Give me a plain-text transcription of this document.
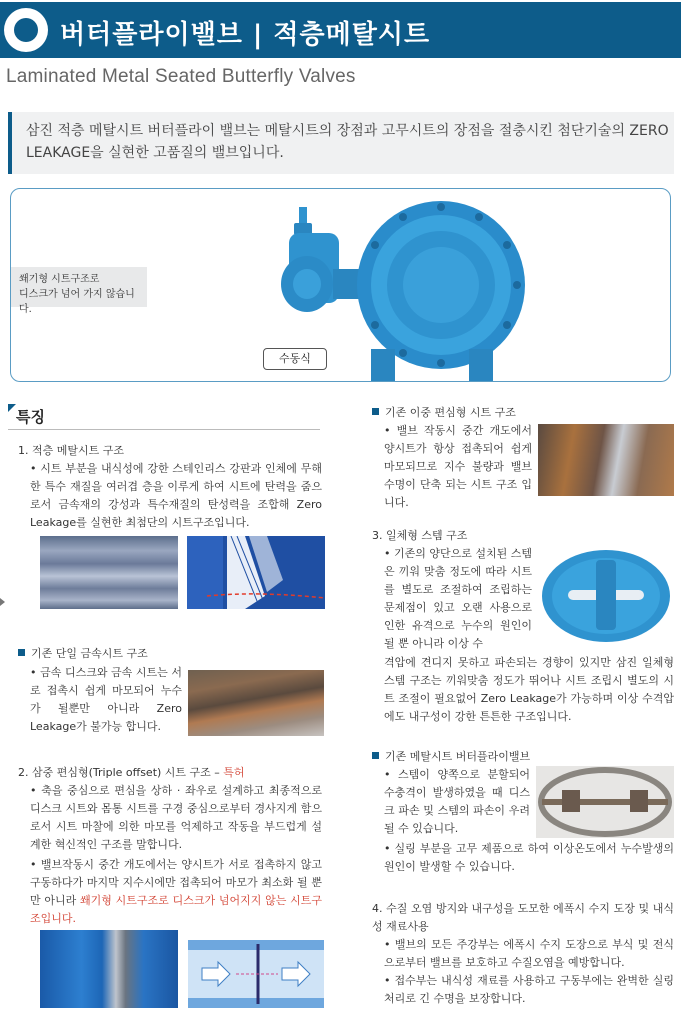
버터플라이밸브 | 적층메탈시트
Laminated Metal Seated Butterfly Valves
삼진 적층 메탈시트 버터플라이 밸브는 메탈시트의 장점과 고무시트의 장점을 절충시킨 첨단기술의 ZERO LEAKAGE을 실현한 고품질의 밸브입니다.
쐐기형 시트구조로
디스크가 넘어 가지 않습니다.
수동식
특징
1. 적층 메탈시트 구조
• 시트 부분을 내식성에 강한 스테인리스 강판과 인체에 무해한 특수 재질을 여러겹 층을 이루게 하여 시트에 탄력을 줌으로서 금속재의 강성과 특수재질의 탄성력을 조합해 Zero Leakage를 실현한 최첨단의 시트구조입니다.
기존 단일 금속시트 구조
• 금속 디스크와 금속 시트는 서로 접촉시 쉽게 마모되어 누수가 될뿐만 아니라 Zero Leakage가 불가능 합니다.
2. 삼중 편심형(Triple offset) 시트 구조 – 특허
• 축을 중심으로 편심을 상하 · 좌우로 설계하고 최종적으로 디스크 시트와 몸통 시트를 구경 중심으로부터 경사지게 함으로서 시트 마찰에 의한 마모를 억제하고 작동을 부드럽게 설계한 혁신적인 구조를 말합니다.
• 밸브작동시 중간 개도에서는 양시트가 서로 접촉하지 않고 구동하다가 마지막 지수시에만 접촉되어 마모가 최소화 될 뿐만 아니라 쐐기형 시트구조로 디스크가 넘어지지 않는 시트구조입니다.
기존 이중 편심형 시트 구조
• 밸브 작동시 중간 개도에서 양시트가 항상 접촉되어 쉽게 마모되므로 지수 불량과 밸브 수명이 단축 되는 시트 구조 입니다.
3. 일체형 스템 구조
• 기존의 양단으로 설치된 스템은 끼워 맞춤 정도에 따라 시트를 별도로 조절하여 조립하는 문제점이 있고 오랜 사용으로 인한 유격으로 누수의 원인이 될 뿐 아니라 이상 수
격압에 견디지 못하고 파손되는 경향이 있지만 삼진 일체형 스템 구조는 끼워맞춤 정도가 뛰어나 시트 조립시 별도의 시트 조절이 필요없어 Zero Leakage가 가능하며 이상 수격압에도 내구성이 강한 튼튼한 구조입니다.
기존 메탈시트 버터플라이밸브
• 스템이 양쪽으로 분할되어 수충격이 발생하였을 때 디스크 파손 및 스템의 파손이 우려 될 수 있습니다.
• 실링 부분을 고무 제품으로 하여 이상온도에서 누수발생의 원인이 발생할 수 있습니다.
4. 수질 오염 방지와 내구성을 도모한 에폭시 수지 도장 및 내식성 재료사용
• 밸브의 모든 주강부는 에폭시 수지 도장으로 부식 및 전식으로부터 밸브를 보호하고 수질오염을 예방합니다.
• 접수부는 내식성 재료를 사용하고 구동부에는 완벽한 실링처리로 긴 수명을 보장합니다.
